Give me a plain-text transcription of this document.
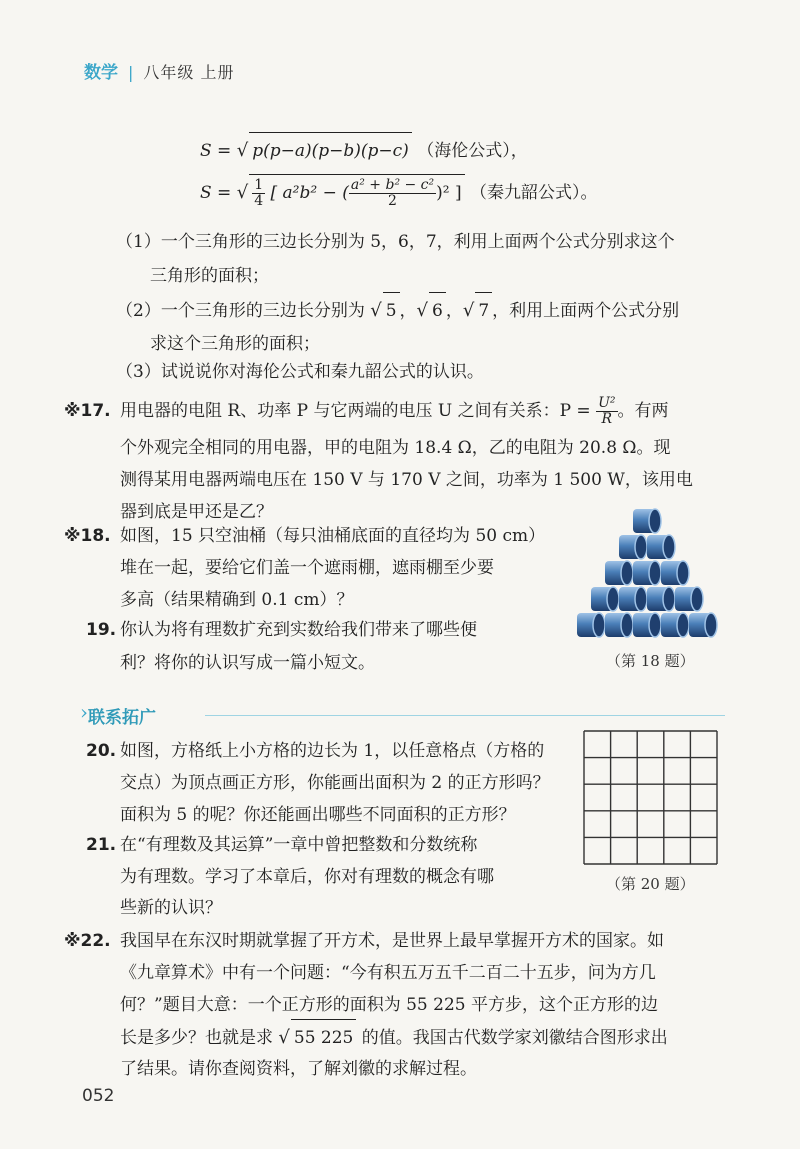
数学 | 八年级 上册
S = √ p(p−a)(p−b)(p−c) （海伦公式），
S = √ $\frac{1}{4}$ [ a²b² − ( $\frac{\text{a² + b² − c²}}{2} )^2$ ] （秦九韶公式）。
（1）一个三角形的三边长分别为 5，6，7，利用上面两个公式分别求这个
三角形的面积；
（2）一个三角形的三边长分别为 √ 5 ，√ 6 ，√ 7 ，利用上面两个公式分别
求这个三角形的面积；
（3）试说说你对海伦公式和秦九韶公式的认识。
※17. 用电器的电阻 R、功率 P 与它两端的电压 U 之间有关系：$P = \frac{\text{U²}}{R}$ 。有两
个外观完全相同的用电器，甲的电阻为 18.4 Ω，乙的电阻为 20.8 Ω。现
测得某用电器两端电压在 150 V 与 170 V 之间，功率为 1 500 W，该用电
器到底是甲还是乙？
※18. 如图，15 只空油桶（每只油桶底面的直径均为 50 cm）
堆在一起，要给它们盖一个遮雨棚，遮雨棚至少要
多高（结果精确到 0.1 cm）？
（第 18 题）
19. 你认为将有理数扩充到实数给我们带来了哪些便
利？将你的认识写成一篇小短文。
› 联系拓广
20. 如图，方格纸上小方格的边长为 1，以任意格点（方格的
交点）为顶点画正方形，你能画出面积为 2 的正方形吗？
面积为 5 的呢？你还能画出哪些不同面积的正方形？
（第 20 题）
21. 在“有理数及其运算”一章中曾把整数和分数统称
为有理数。学习了本章后，你对有理数的概念有哪
些新的认识？
※22. 我国早在东汉时期就掌握了开方术，是世界上最早掌握开方术的国家。如
《九章算术》中有一个问题：“今有积五万五千二百二十五步，问为方几
何？”题目大意：一个正方形的面积为 55 225 平方步，这个正方形的边
长是多少？也就是求 √ 55 225 的值。我国古代数学家刘徽结合图形求出
了结果。请你查阅资料，了解刘徽的求解过程。
052
